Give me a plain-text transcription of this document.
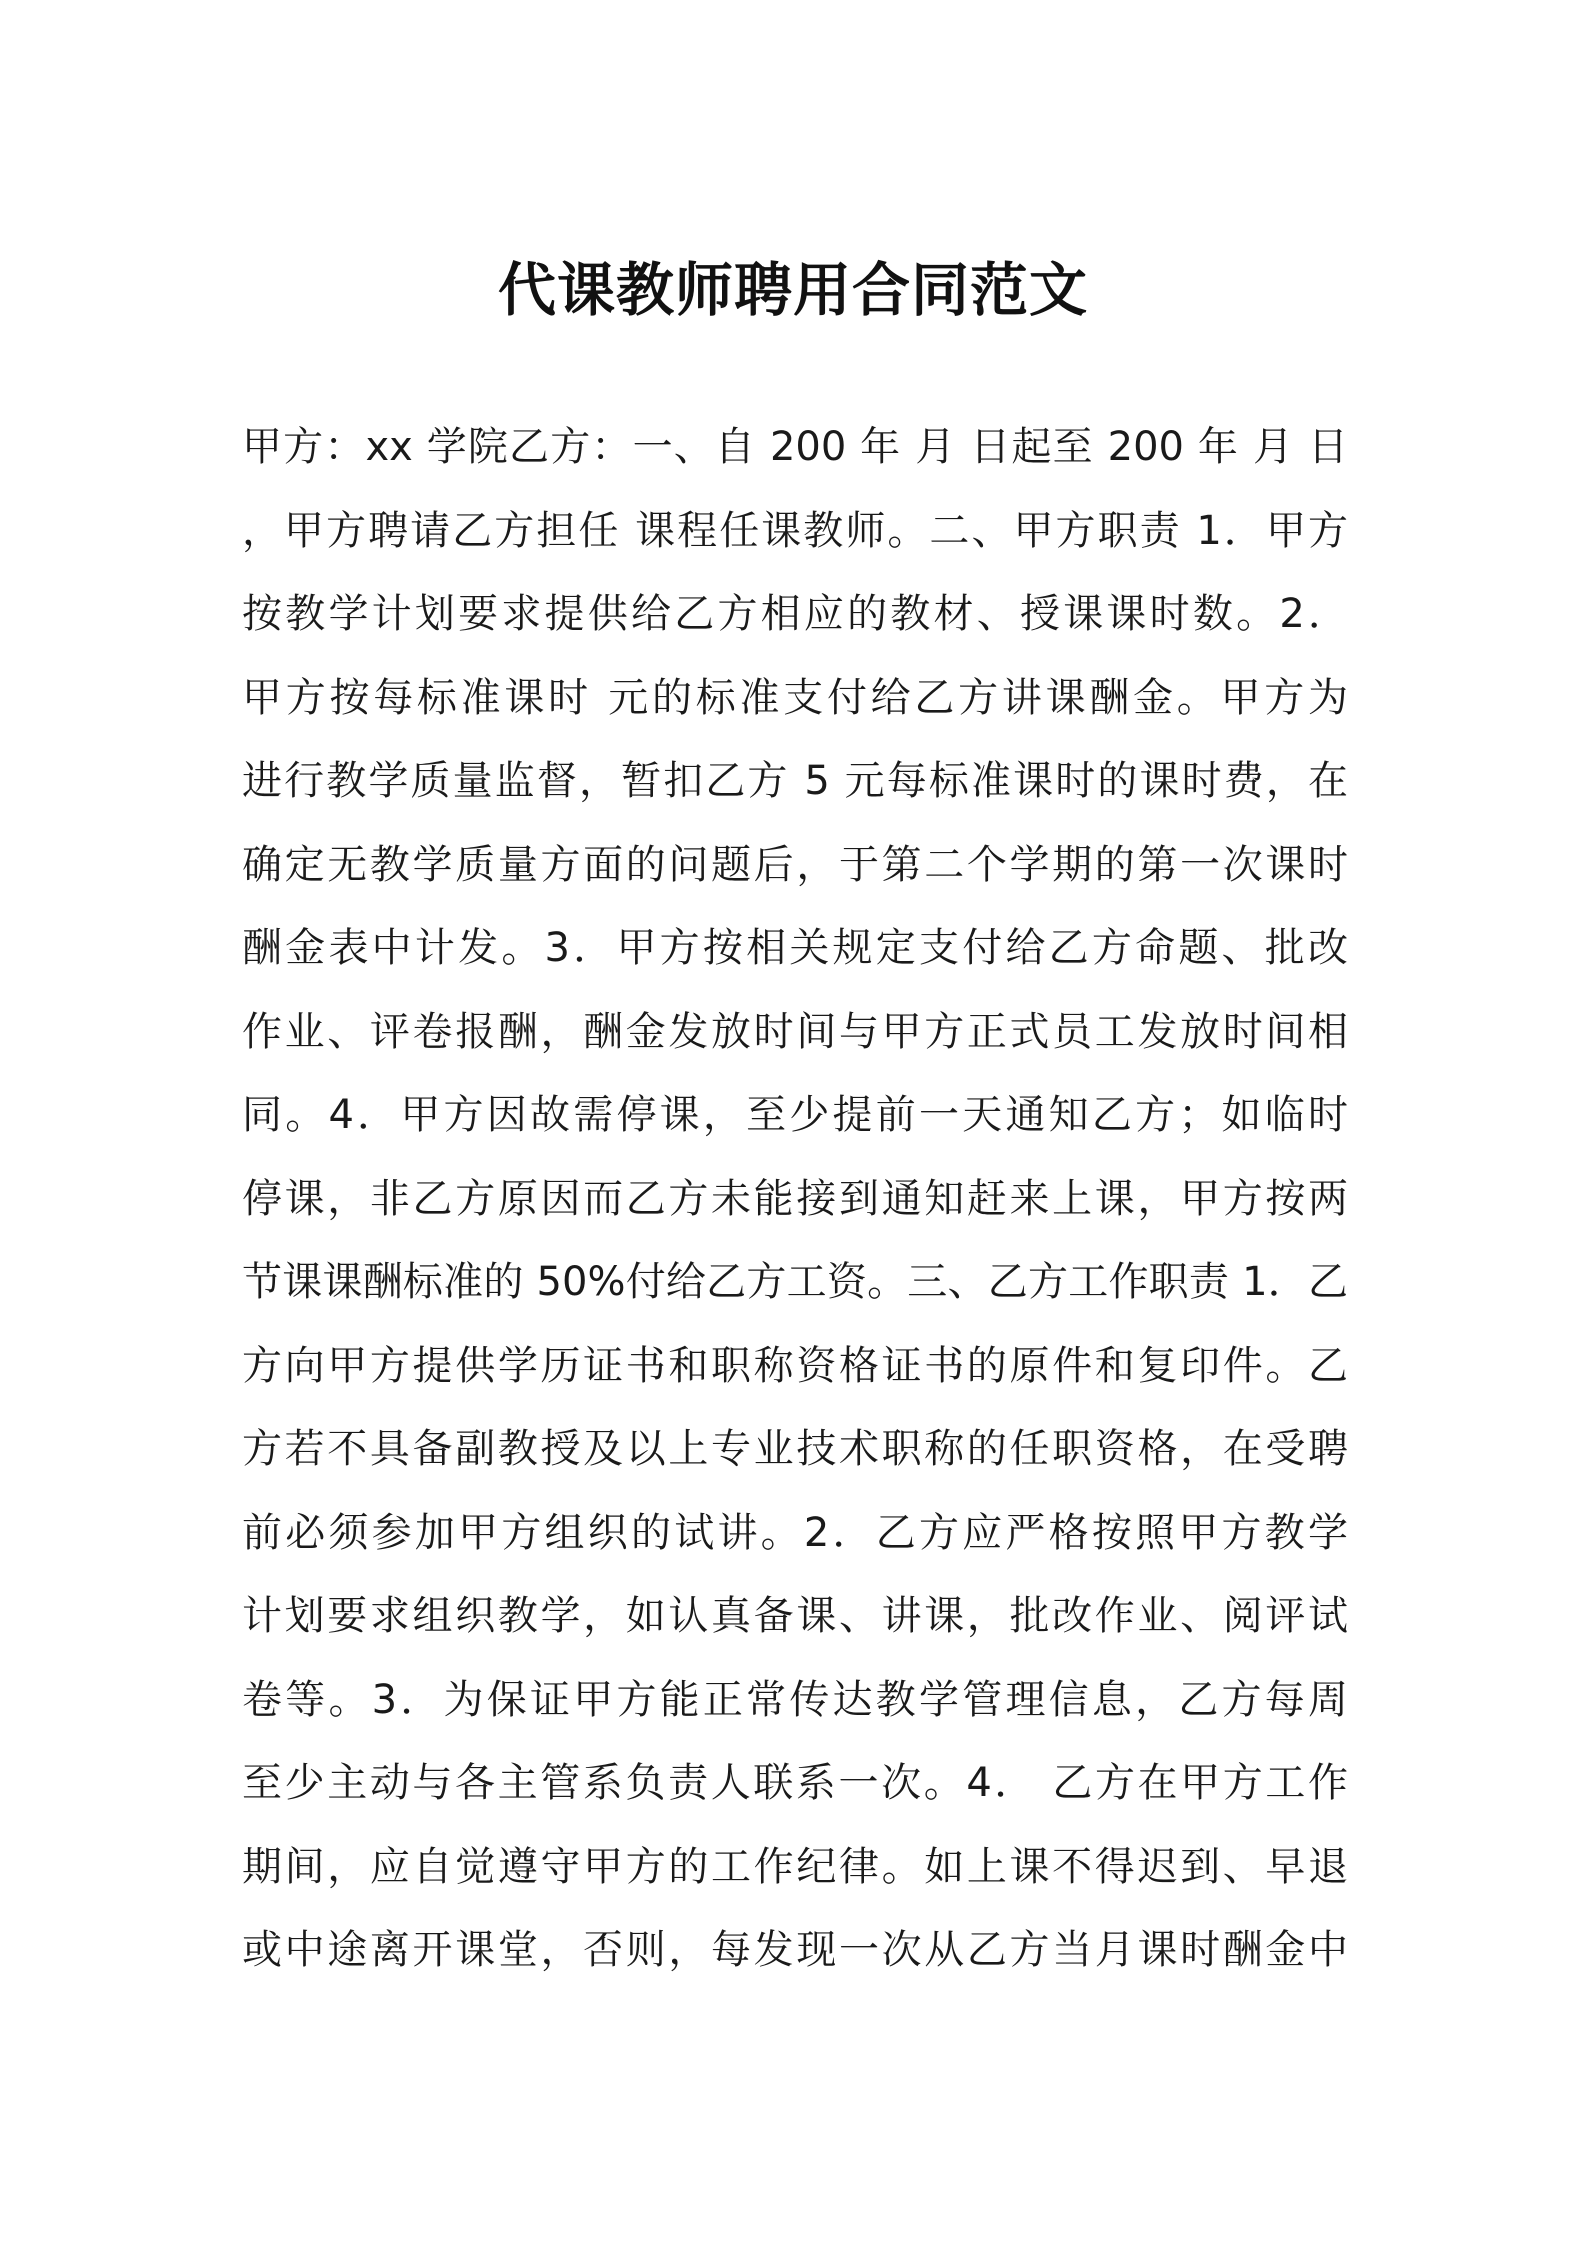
代课教师聘用合同范文
甲方：xx 学院乙方：一、自 200 年 月 日起至 200 年 月 日
，甲方聘请乙方担任 课程任课教师。二、甲方职责 1．甲方
按教学计划要求提供给乙方相应的教材、授课课时数。2．
甲方按每标准课时 元的标准支付给乙方讲课酬金。甲方为
进行教学质量监督，暂扣乙方 5 元每标准课时的课时费，在
确定无教学质量方面的问题后，于第二个学期的第一次课时
酬金表中计发。3．甲方按相关规定支付给乙方命题、批改
作业、评卷报酬，酬金发放时间与甲方正式员工发放时间相
同。4．甲方因故需停课，至少提前一天通知乙方；如临时
停课，非乙方原因而乙方未能接到通知赶来上课，甲方按两
节课课酬标准的 50%付给乙方工资。三、乙方工作职责 1．乙
方向甲方提供学历证书和职称资格证书的原件和复印件。乙
方若不具备副教授及以上专业技术职称的任职资格，在受聘
前必须参加甲方组织的试讲。2．乙方应严格按照甲方教学
计划要求组织教学，如认真备课、讲课，批改作业、阅评试
卷等。3．为保证甲方能正常传达教学管理信息，乙方每周
至少主动与各主管系负责人联系一次。4． 乙方在甲方工作
期间，应自觉遵守甲方的工作纪律。如上课不得迟到、早退
或中途离开课堂，否则，每发现一次从乙方当月课时酬金中
